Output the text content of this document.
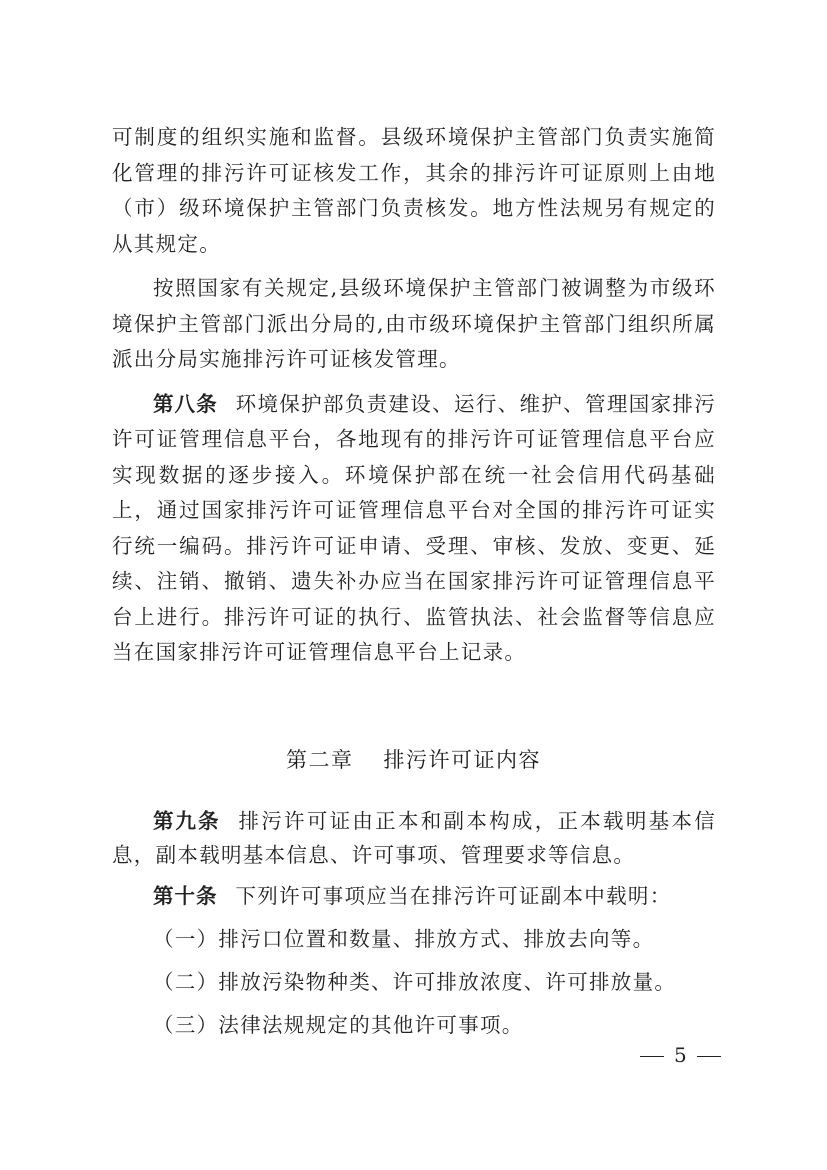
可制度的组织实施和监督。县级环境保护主管部门负责实施简化管理的排污许可证核发工作，其余的排污许可证原则上由地（市）级环境保护主管部门负责核发。地方性法规另有规定的从其规定。

按照国家有关规定,县级环境保护主管部门被调整为市级环境保护主管部门派出分局的,由市级环境保护主管部门组织所属派出分局实施排污许可证核发管理。

第八条 环境保护部负责建设、运行、维护、管理国家排污许可证管理信息平台，各地现有的排污许可证管理信息平台应实现数据的逐步接入。环境保护部在统一社会信用代码基础上，通过国家排污许可证管理信息平台对全国的排污许可证实行统一编码。排污许可证申请、受理、审核、发放、变更、延续、注销、撤销、遗失补办应当在国家排污许可证管理信息平台上进行。排污许可证的执行、监管执法、社会监督等信息应当在国家排污许可证管理信息平台上记录。

第二章 排污许可证内容

第九条 排污许可证由正本和副本构成，正本载明基本信息，副本载明基本信息、许可事项、管理要求等信息。

第十条 下列许可事项应当在排污许可证副本中载明：

（一）排污口位置和数量、排放方式、排放去向等。

（二）排放污染物种类、许可排放浓度、许可排放量。

（三）法律法规规定的其他许可事项。

5
